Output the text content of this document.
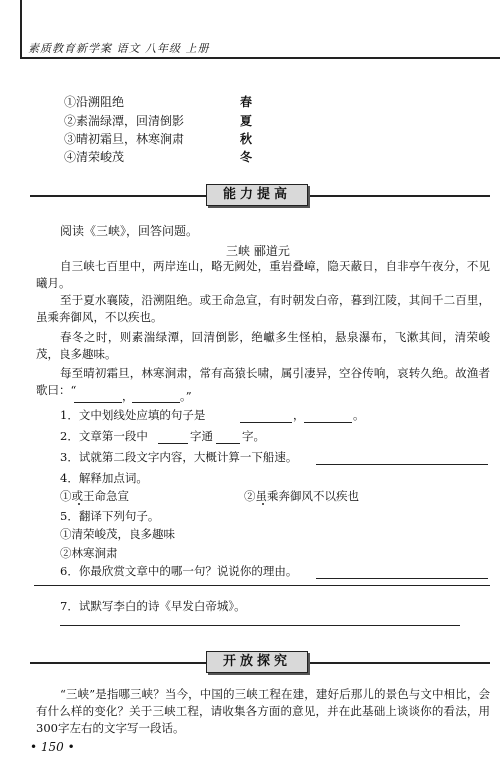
素质教育新学案 语文 八年级 上册
①沿溯阻绝	春
②素湍绿潭，回清倒影	夏
③晴初霜旦，林寒涧肃	秋
④清荣峻茂	冬
能力提高
阅读《三峡》，回答问题。
三峡 郦道元
自三峡七百里中，两岸连山，略无阙处，重岩叠嶂，隐天蔽日，自非亭午夜分，不见曦月。
至于夏水襄陵，沿溯阻绝。或王命急宣，有时朝发白帝，暮到江陵，其间千二百里，虽乘奔御风，不以疾也。
春冬之时，则素湍绿潭，回清倒影，绝巘多生怪柏，悬泉瀑布，飞漱其间，清荣峻茂，良多趣味。
每至晴初霜旦，林寒涧肃，常有高猿长啸，属引凄异，空谷传响，哀转久绝。故渔者歌曰：“	，	。”
1．文中划线处应填的句子是	，	。
2．文章第一段中	字通	字。
3．试就第二段文字内容，大概计算一下船速。
4．解释加点词。
①或王命急宣	②虽乘奔御风不以疾也
5．翻译下列句子。
①清荣峻茂，良多趣味
②林寒涧肃
6．你最欣赏文章中的哪一句？说说你的理由。
7．试默写李白的诗《早发白帝城》。
开放探究
“三峡”是指哪三峡？当今，中国的三峡工程在建，建好后那儿的景色与文中相比，会有什么样的变化？关于三峡工程，请收集各方面的意见，并在此基础上谈谈你的看法，用300字左右的文字写一段话。
• 150 •
